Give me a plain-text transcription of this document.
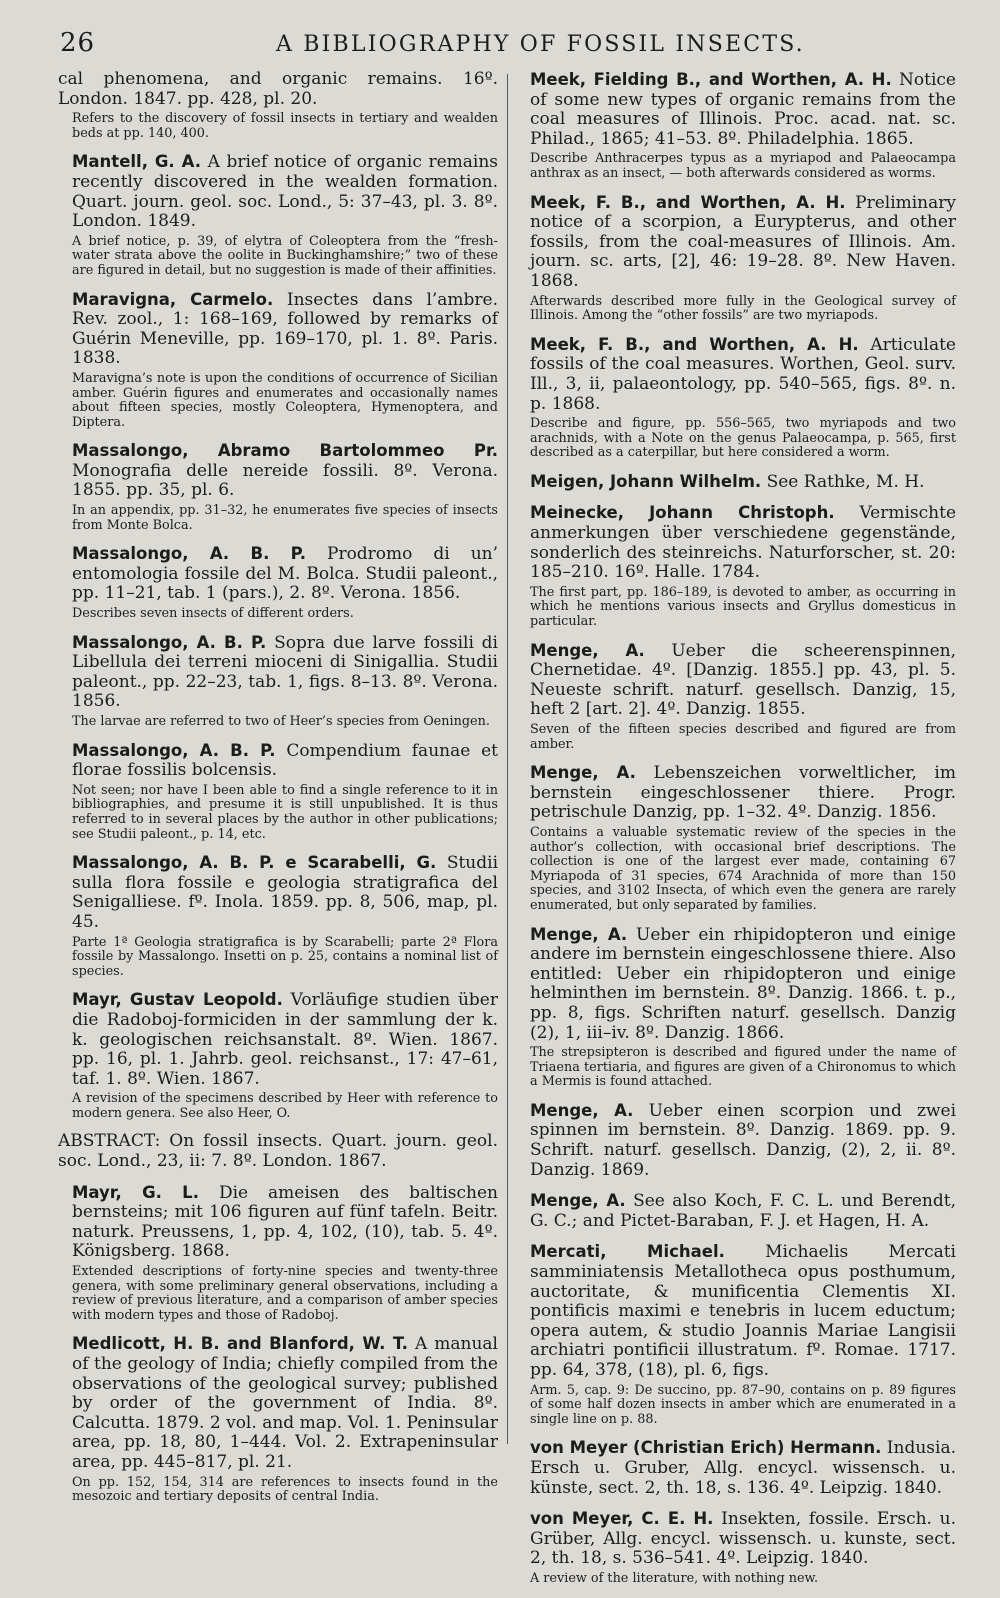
26	A BIBLIOGRAPHY OF FOSSIL INSECTS.
cal phenomena, and organic remains. 16º. London. 1847. pp. 428, pl. 20.
Refers to the discovery of fossil insects in tertiary and wealden beds at pp. 140, 400.
Mantell, G. A. A brief notice of organic remains recently discovered in the wealden formation. Quart. journ. geol. soc. Lond., 5: 37–43, pl. 3. 8º. London. 1849.
A brief notice, p. 39, of elytra of Coleoptera from the “fresh-water strata above the oolite in Buckinghamshire;” two of these are figured in detail, but no suggestion is made of their affinities.
Maravigna, Carmelo. Insectes dans l’ambre. Rev. zool., 1: 168–169, followed by remarks of Guérin Meneville, pp. 169–170, pl. 1. 8º. Paris. 1838.
Maravigna’s note is upon the conditions of occurrence of Sicilian amber. Guérin figures and enumerates and occasionally names about fifteen species, mostly Coleoptera, Hymenoptera, and Diptera.
Massalongo, Abramo Bartolommeo Pr. Monografia delle nereide fossili. 8º. Verona. 1855. pp. 35, pl. 6.
In an appendix, pp. 31–32, he enumerates five species of insects from Monte Bolca.
Massalongo, A. B. P. Prodromo di un’ entomologia fossile del M. Bolca. Studii paleont., pp. 11–21, tab. 1 (pars.), 2. 8º. Verona. 1856.
Describes seven insects of different orders.
Massalongo, A. B. P. Sopra due larve fossili di Libellula dei terreni mioceni di Sinigallia. Studii paleont., pp. 22–23, tab. 1, figs. 8–13. 8º. Verona. 1856.
The larvae are referred to two of Heer’s species from Oeningen.
Massalongo, A. B. P. Compendium faunae et florae fossilis bolcensis.
Not seen; nor have I been able to find a single reference to it in bibliographies, and presume it is still unpublished. It is thus referred to in several places by the author in other publications; see Studii paleont., p. 14, etc.
Massalongo, A. B. P. e Scarabelli, G. Studii sulla flora fossile e geologia stratigrafica del Senigalliese. fº. Inola. 1859. pp. 8, 506, map, pl. 45.
Parte 1ª Geologia stratigrafica is by Scarabelli; parte 2ª Flora fossile by Massalongo. Insetti on p. 25, contains a nominal list of species.
Mayr, Gustav Leopold. Vorläufige studien über die Radoboj-formiciden in der sammlung der k. k. geologischen reichsanstalt. 8º. Wien. 1867. pp. 16, pl. 1. Jahrb. geol. reichsanst., 17: 47–61, taf. 1. 8º. Wien. 1867.
A revision of the specimens described by Heer with reference to modern genera. See also Heer, O.
ABSTRACT: On fossil insects. Quart. journ. geol. soc. Lond., 23, ii: 7. 8º. London. 1867.
Mayr, G. L. Die ameisen des baltischen bernsteins; mit 106 figuren auf fünf tafeln. Beitr. naturk. Preussens, 1, pp. 4, 102, (10), tab. 5. 4º. Königsberg. 1868.
Extended descriptions of forty-nine species and twenty-three genera, with some preliminary general observations, including a review of previous literature, and a comparison of amber species with modern types and those of Radoboj.
Medlicott, H. B. and Blanford, W. T. A manual of the geology of India; chiefly compiled from the observations of the geological survey; published by order of the government of India. 8º. Calcutta. 1879. 2 vol. and map. Vol. 1. Peninsular area, pp. 18, 80, 1–444. Vol. 2. Extrapeninsular area, pp. 445–817, pl. 21.
On pp. 152, 154, 314 are references to insects found in the mesozoic and tertiary deposits of central India.
Meek, Fielding B., and Worthen, A. H. Notice of some new types of organic remains from the coal measures of Illinois. Proc. acad. nat. sc. Philad., 1865; 41–53. 8º. Philadelphia. 1865.
Describe Anthracerpes typus as a myriapod and Palaeocampa anthrax as an insect, — both afterwards considered as worms.
Meek, F. B., and Worthen, A. H. Preliminary notice of a scorpion, a Eurypterus, and other fossils, from the coal-measures of Illinois. Am. journ. sc. arts, [2], 46: 19–28. 8º. New Haven. 1868.
Afterwards described more fully in the Geological survey of Illinois. Among the “other fossils” are two myriapods.
Meek, F. B., and Worthen, A. H. Articulate fossils of the coal measures. Worthen, Geol. surv. Ill., 3, ii, palaeontology, pp. 540–565, figs. 8º. n. p. 1868.
Describe and figure, pp. 556–565, two myriapods and two arachnids, with a Note on the genus Palaeocampa, p. 565, first described as a caterpillar, but here considered a worm.
Meigen, Johann Wilhelm. See Rathke, M. H.
Meinecke, Johann Christoph. Vermischte anmerkungen über verschiedene gegenstände, sonderlich des steinreichs. Naturforscher, st. 20: 185–210. 16º. Halle. 1784.
The first part, pp. 186–189, is devoted to amber, as occurring in which he mentions various insects and Gryllus domesticus in particular.
Menge, A. Ueber die scheerenspinnen, Chernetidae. 4º. [Danzig. 1855.] pp. 43, pl. 5. Neueste schrift. naturf. gesellsch. Danzig, 15, heft 2 [art. 2]. 4º. Danzig. 1855.
Seven of the fifteen species described and figured are from amber.
Menge, A. Lebenszeichen vorweltlicher, im bernstein eingeschlossener thiere. Progr. petrischule Danzig, pp. 1–32. 4º. Danzig. 1856.
Contains a valuable systematic review of the species in the author’s collection, with occasional brief descriptions. The collection is one of the largest ever made, containing 67 Myriapoda of 31 species, 674 Arachnida of more than 150 species, and 3102 Insecta, of which even the genera are rarely enumerated, but only separated by families.
Menge, A. Ueber ein rhipidopteron und einige andere im bernstein eingeschlossene thiere. Also entitled: Ueber ein rhipidopteron und einige helminthen im bernstein. 8º. Danzig. 1866. t. p., pp. 8, figs. Schriften naturf. gesellsch. Danzig (2), 1, iii–iv. 8º. Danzig. 1866.
The strepsipteron is described and figured under the name of Triaena tertiaria, and figures are given of a Chironomus to which a Mermis is found attached.
Menge, A. Ueber einen scorpion und zwei spinnen im bernstein. 8º. Danzig. 1869. pp. 9. Schrift. naturf. gesellsch. Danzig, (2), 2, ii. 8º. Danzig. 1869.
Menge, A. See also Koch, F. C. L. und Berendt, G. C.; and Pictet-Baraban, F. J. et Hagen, H. A.
Mercati, Michael. Michaelis Mercati samminiatensis Metallotheca opus posthumum, auctoritate, & munificentia Clementis XI. pontificis maximi e tenebris in lucem eductum; opera autem, & studio Joannis Mariae Langisii archiatri pontificii illustratum. fº. Romae. 1717. pp. 64, 378, (18), pl. 6, figs.
Arm. 5, cap. 9: De succino, pp. 87–90, contains on p. 89 figures of some half dozen insects in amber which are enumerated in a single line on p. 88.
von Meyer (Christian Erich) Hermann. Indusia. Ersch u. Gruber, Allg. encycl. wissensch. u. künste, sect. 2, th. 18, s. 136. 4º. Leipzig. 1840.
von Meyer, C. E. H. Insekten, fossile. Ersch. u. Grüber, Allg. encycl. wissensch. u. kunste, sect. 2, th. 18, s. 536–541. 4º. Leipzig. 1840.
A review of the literature, with nothing new.
